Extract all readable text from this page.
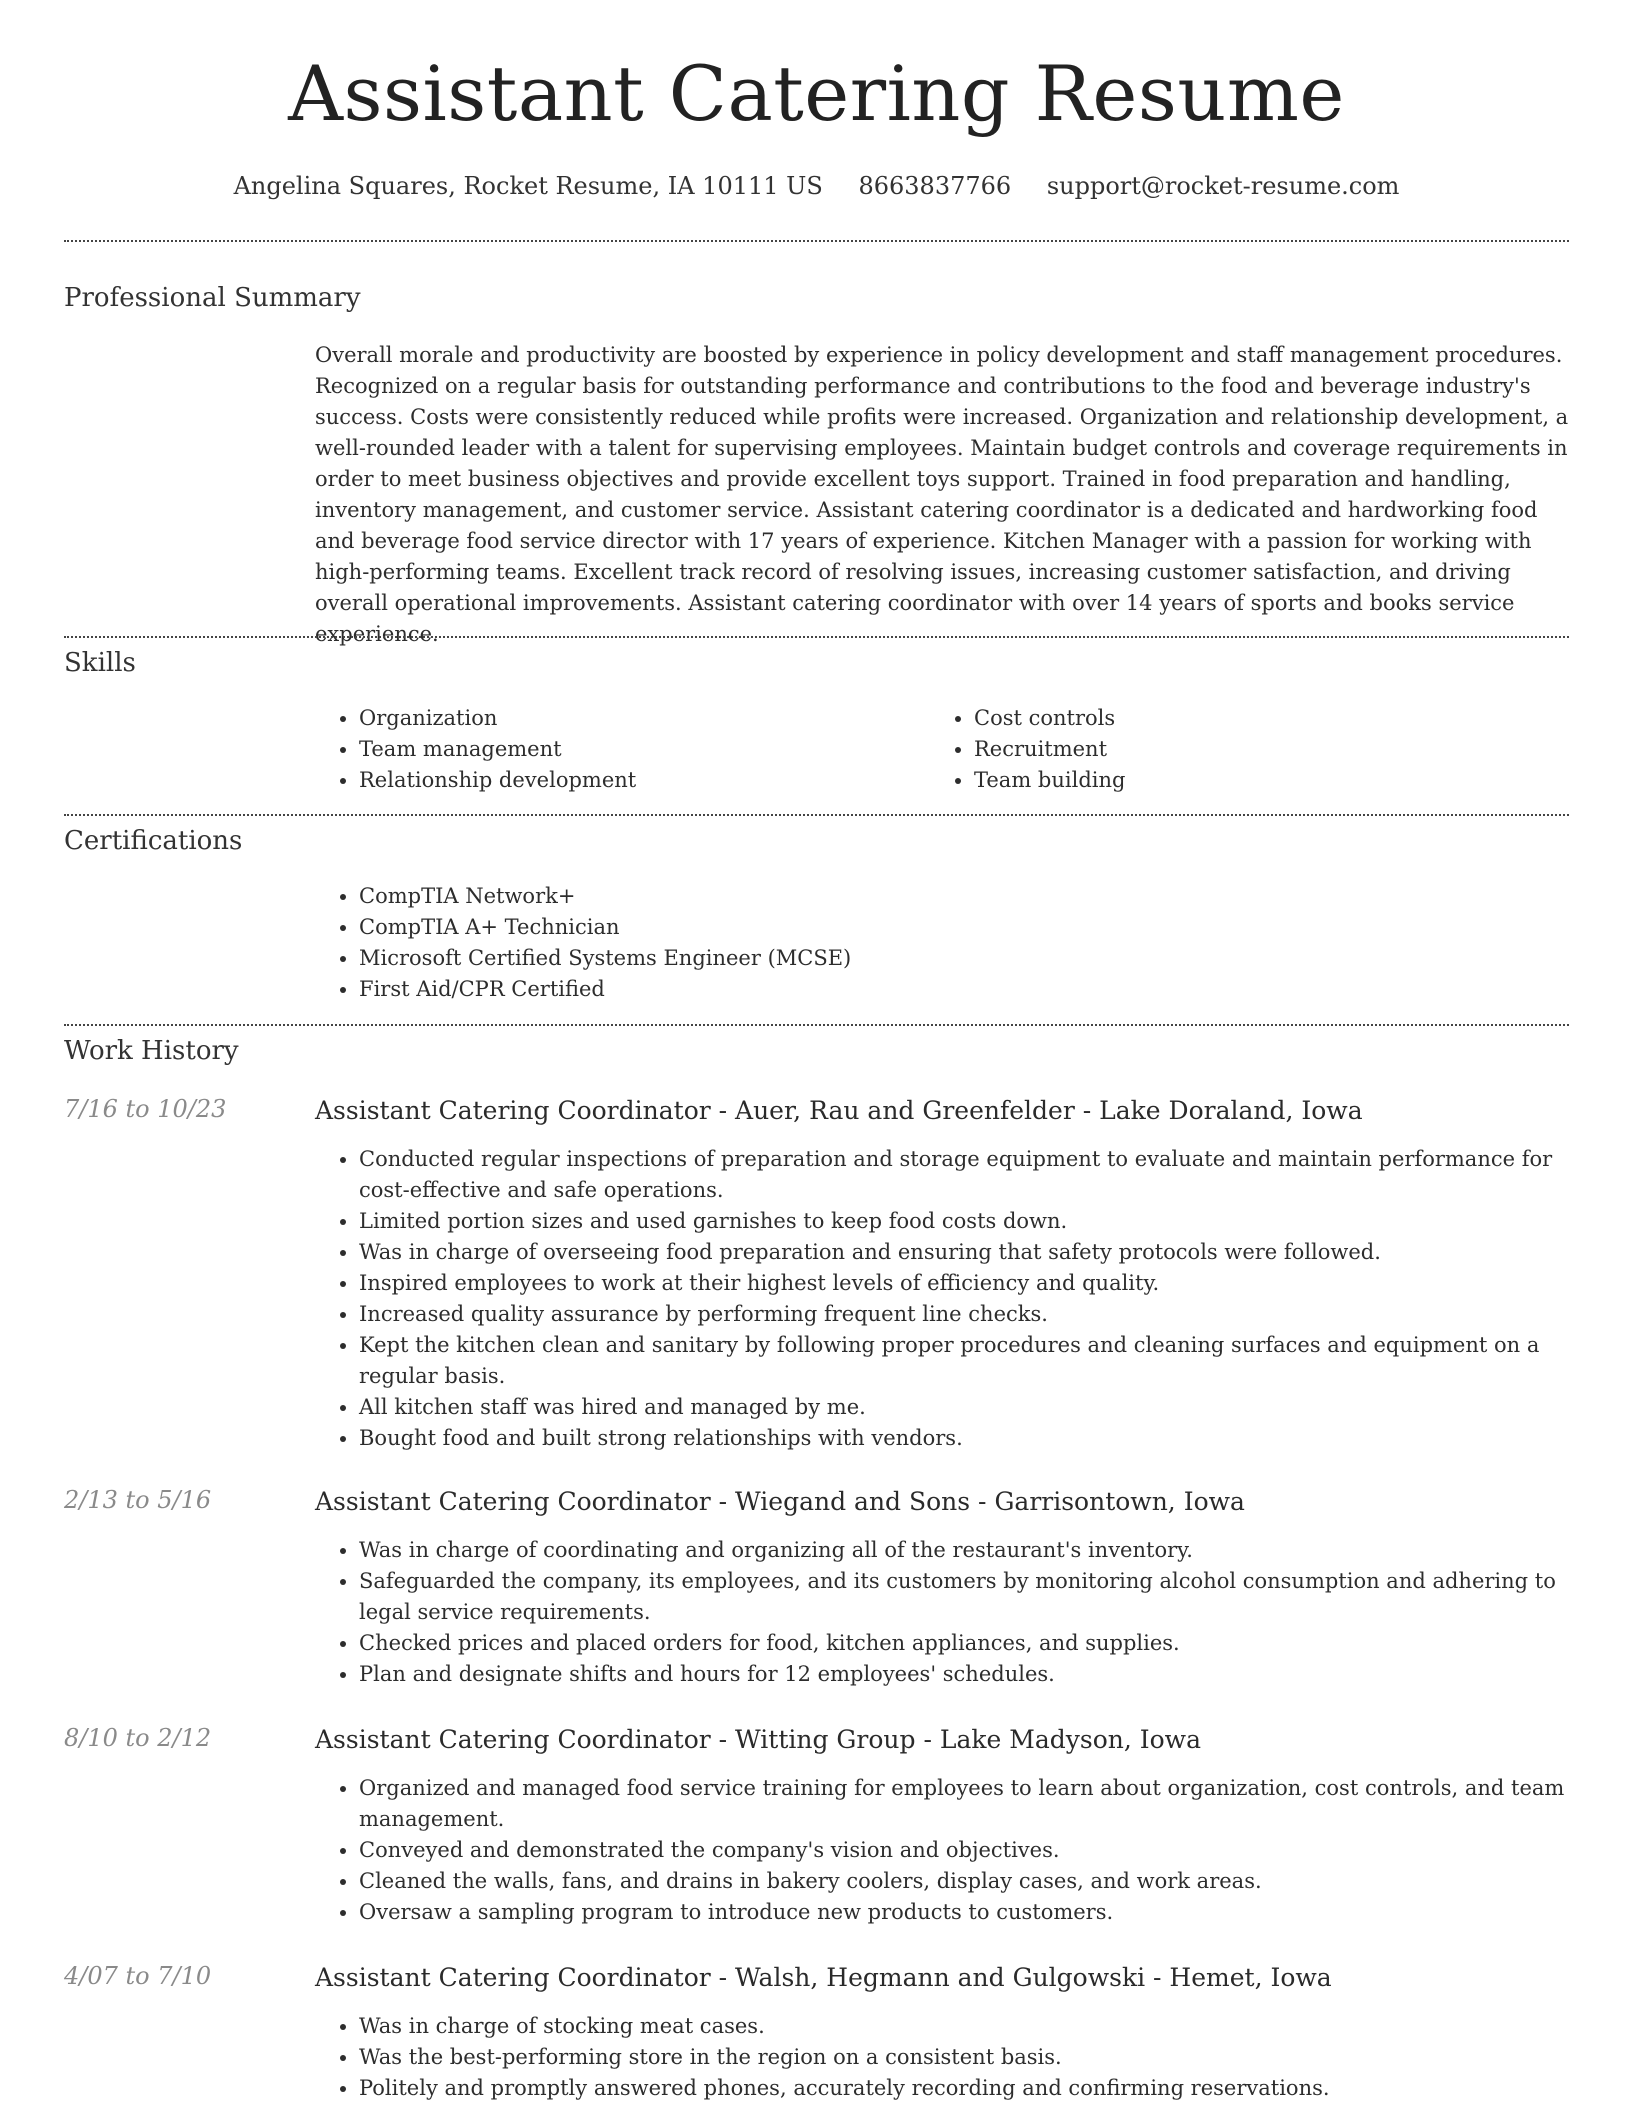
Assistant Catering Resume
Angelina Squares, Rocket Resume, IA 10111 US 8663837766 support@rocket-resume.com
Professional Summary
Overall morale and productivity are boosted by experience in policy development and staff management procedures. Recognized on a regular basis for outstanding performance and contributions to the food and beverage industry's success. Costs were consistently reduced while profits were increased. Organization and relationship development, a well-rounded leader with a talent for supervising employees. Maintain budget controls and coverage requirements in order to meet business objectives and provide excellent toys support. Trained in food preparation and handling, inventory management, and customer service. Assistant catering coordinator is a dedicated and hardworking food and beverage food service director with 17 years of experience. Kitchen Manager with a passion for working with high-performing teams. Excellent track record of resolving issues, increasing customer satisfaction, and driving overall operational improvements. Assistant catering coordinator with over 14 years of sports and books service experience.
Skills
• Organization
• Team management
• Relationship development
• Cost controls
• Recruitment
• Team building
Certifications
• CompTIA Network+
• CompTIA A+ Technician
• Microsoft Certified Systems Engineer (MCSE)
• First Aid/CPR Certified
Work History
7/16 to 10/23	Assistant Catering Coordinator - Auer, Rau and Greenfelder - Lake Doraland, Iowa
• Conducted regular inspections of preparation and storage equipment to evaluate and maintain performance for cost-effective and safe operations.
• Limited portion sizes and used garnishes to keep food costs down.
• Was in charge of overseeing food preparation and ensuring that safety protocols were followed.
• Inspired employees to work at their highest levels of efficiency and quality.
• Increased quality assurance by performing frequent line checks.
• Kept the kitchen clean and sanitary by following proper procedures and cleaning surfaces and equipment on a regular basis.
• All kitchen staff was hired and managed by me.
• Bought food and built strong relationships with vendors.
2/13 to 5/16	Assistant Catering Coordinator - Wiegand and Sons - Garrisontown, Iowa
• Was in charge of coordinating and organizing all of the restaurant's inventory.
• Safeguarded the company, its employees, and its customers by monitoring alcohol consumption and adhering to legal service requirements.
• Checked prices and placed orders for food, kitchen appliances, and supplies.
• Plan and designate shifts and hours for 12 employees' schedules.
8/10 to 2/12	Assistant Catering Coordinator - Witting Group - Lake Madyson, Iowa
• Organized and managed food service training for employees to learn about organization, cost controls, and team management.
• Conveyed and demonstrated the company's vision and objectives.
• Cleaned the walls, fans, and drains in bakery coolers, display cases, and work areas.
• Oversaw a sampling program to introduce new products to customers.
4/07 to 7/10	Assistant Catering Coordinator - Walsh, Hegmann and Gulgowski - Hemet, Iowa
• Was in charge of stocking meat cases.
• Was the best-performing store in the region on a consistent basis.
• Politely and promptly answered phones, accurately recording and confirming reservations.
